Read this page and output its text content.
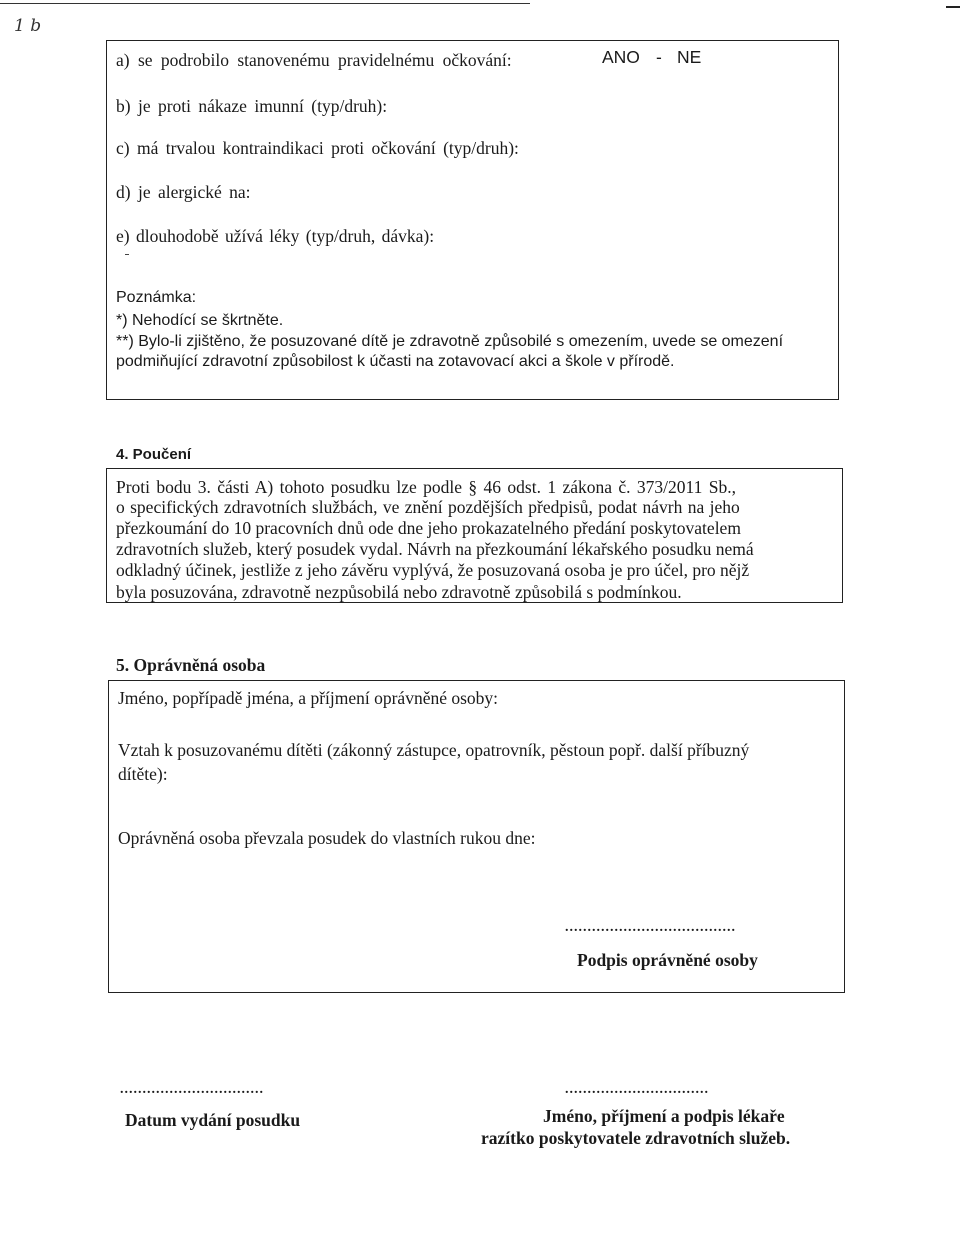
1 b
a) se podrobilo stanovenému pravidelnému očkování:	ANO - NE
b) je proti nákaze imunní (typ/druh):
c) má trvalou kontraindikaci proti očkování (typ/druh):
d) je alergické na:
e) dlouhodobě užívá léky (typ/druh, dávka):
Poznámka:
*) Nehodící se škrtněte.
**) Bylo-li zjištěno, že posuzované dítě je zdravotně způsobilé s omezením, uvede se omezení
podmiňující zdravotní způsobilost k účasti na zotavovací akci a škole v přírodě.
4. Poučení
Proti bodu 3. části A) tohoto posudku lze podle § 46 odst. 1 zákona č. 373/2011 Sb.,
o specifických zdravotních službách, ve znění pozdějších předpisů, podat návrh na jeho
přezkoumání do 10 pracovních dnů ode dne jeho prokazatelného předání poskytovatelem
zdravotních služeb, který posudek vydal. Návrh na přezkoumání lékařského posudku nemá
odkladný účinek, jestliže z jeho závěru vyplývá, že posuzovaná osoba je pro účel, pro nějž
byla posuzována, zdravotně nezpůsobilá nebo zdravotně způsobilá s podmínkou.
5. Oprávněná osoba
Jméno, popřípadě jména, a příjmení oprávněné osoby:
Vztah k posuzovanému dítěti (zákonný zástupce, opatrovník, pěstoun popř. další příbuzný
dítěte):
Oprávněná osoba převzala posudek do vlastních rukou dne:
......................................
Podpis oprávněné osoby
................................
Datum vydání posudku
................................
Jméno, příjmení a podpis lékaře
razítko poskytovatele zdravotních služeb.
